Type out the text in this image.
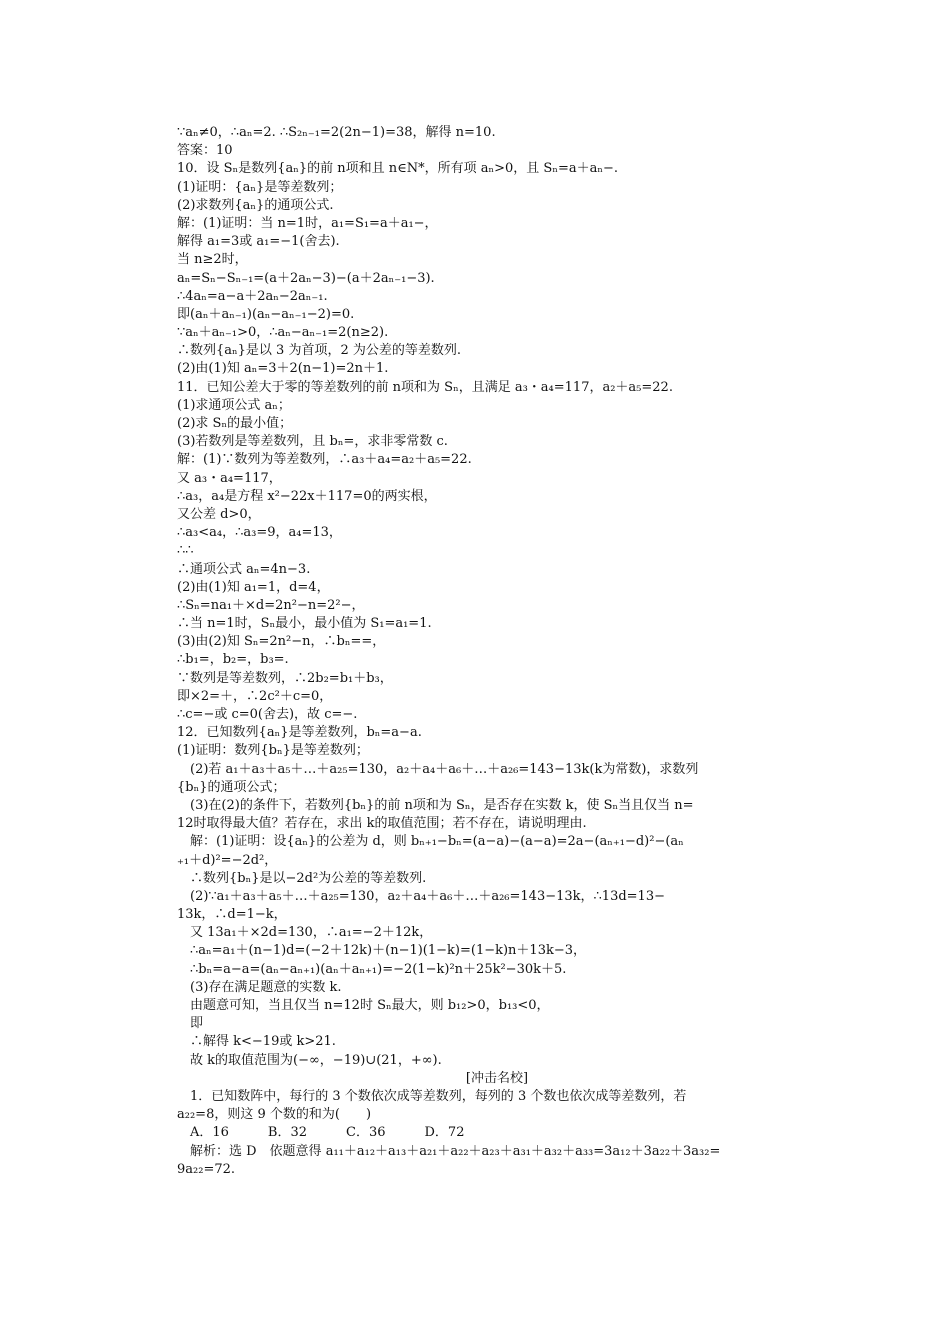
∵aₙ≠0，∴aₙ=2. ∴S₂ₙ₋₁=2(2n−1)=38，解得 n=10.
答案：10
10．设 Sₙ是数列{aₙ}的前 n项和且 n∈N*，所有项 aₙ>0，且 Sₙ=a＋aₙ−.
(1)证明：{aₙ}是等差数列；
(2)求数列{aₙ}的通项公式.
解：(1)证明：当 n=1时，a₁=S₁=a＋a₁−，
解得 a₁=3或 a₁=−1(舍去).
当 n≥2时，
aₙ=Sₙ−Sₙ₋₁=(a＋2aₙ−3)−(a＋2aₙ₋₁−3).
∴4aₙ=a−a＋2aₙ−2aₙ₋₁.
即(aₙ＋aₙ₋₁)(aₙ−aₙ₋₁−2)=0.
∵aₙ＋aₙ₋₁>0，∴aₙ−aₙ₋₁=2(n≥2).
∴数列{aₙ}是以 3 为首项，2 为公差的等差数列.
(2)由(1)知 aₙ=3＋2(n−1)=2n＋1.
11．已知公差大于零的等差数列的前 n项和为 Sₙ，且满足 a₃・a₄=117，a₂＋a₅=22.
(1)求通项公式 aₙ；
(2)求 Sₙ的最小值；
(3)若数列是等差数列，且 bₙ=，求非零常数 c.
解：(1)∵数列为等差数列，∴a₃＋a₄=a₂＋a₅=22.
又 a₃・a₄=117，
∴a₃，a₄是方程 x²−22x＋117=0的两实根，
又公差 d>0，
∴a₃<a₄，∴a₃=9，a₄=13，
∴∴
∴通项公式 aₙ=4n−3.
(2)由(1)知 a₁=1，d=4，
∴Sₙ=na₁＋×d=2n²−n=2²−，
∴当 n=1时，Sₙ最小，最小值为 S₁=a₁=1.
(3)由(2)知 Sₙ=2n²−n，∴bₙ==，
∴b₁=，b₂=，b₃=.
∵数列是等差数列，∴2b₂=b₁＋b₃，
即×2=＋，∴2c²＋c=0，
∴c=−或 c=0(舍去)，故 c=−.
12．已知数列{aₙ}是等差数列，bₙ=a−a.
(1)证明：数列{bₙ}是等差数列；
(2)若 a₁＋a₃＋a₅＋…＋a₂₅=130，a₂＋a₄＋a₆＋…＋a₂₆=143−13k(k为常数)，求数列
{bₙ}的通项公式；
(3)在(2)的条件下，若数列{bₙ}的前 n项和为 Sₙ，是否存在实数 k，使 Sₙ当且仅当 n=
12时取得最大值？若存在，求出 k的取值范围；若不存在，请说明理由.
解：(1)证明：设{aₙ}的公差为 d，则 bₙ₊₁−bₙ=(a−a)−(a−a)=2a−(aₙ₊₁−d)²−(aₙ
₊₁＋d)²=−2d²，
∴数列{bₙ}是以−2d²为公差的等差数列.
(2)∵a₁＋a₃＋a₅＋…＋a₂₅=130，a₂＋a₄＋a₆＋…＋a₂₆=143−13k，∴13d=13−
13k，∴d=1−k，
又 13a₁＋×2d=130，∴a₁=−2＋12k，
∴aₙ=a₁＋(n−1)d=(−2＋12k)＋(n−1)(1−k)=(1−k)n＋13k−3，
∴bₙ=a−a=(aₙ−aₙ₊₁)(aₙ＋aₙ₊₁)=−2(1−k)²n＋25k²−30k＋5.
(3)存在满足题意的实数 k.
由题意可知，当且仅当 n=12时 Sₙ最大，则 b₁₂>0，b₁₃<0，
即
∴解得 k<−19或 k>21.
故 k的取值范围为(−∞，−19)∪(21，+∞).
[冲击名校]
1．已知数阵中，每行的 3 个数依次成等差数列，每列的 3 个数也依次成等差数列，若
a₂₂=8，则这 9 个数的和为(　　)
A．16　　　B．32　　　C．36　　　D．72
解析：选 D　依题意得 a₁₁＋a₁₂＋a₁₃＋a₂₁＋a₂₂＋a₂₃＋a₃₁＋a₃₂＋a₃₃=3a₁₂＋3a₂₂＋3a₃₂=
9a₂₂=72.
